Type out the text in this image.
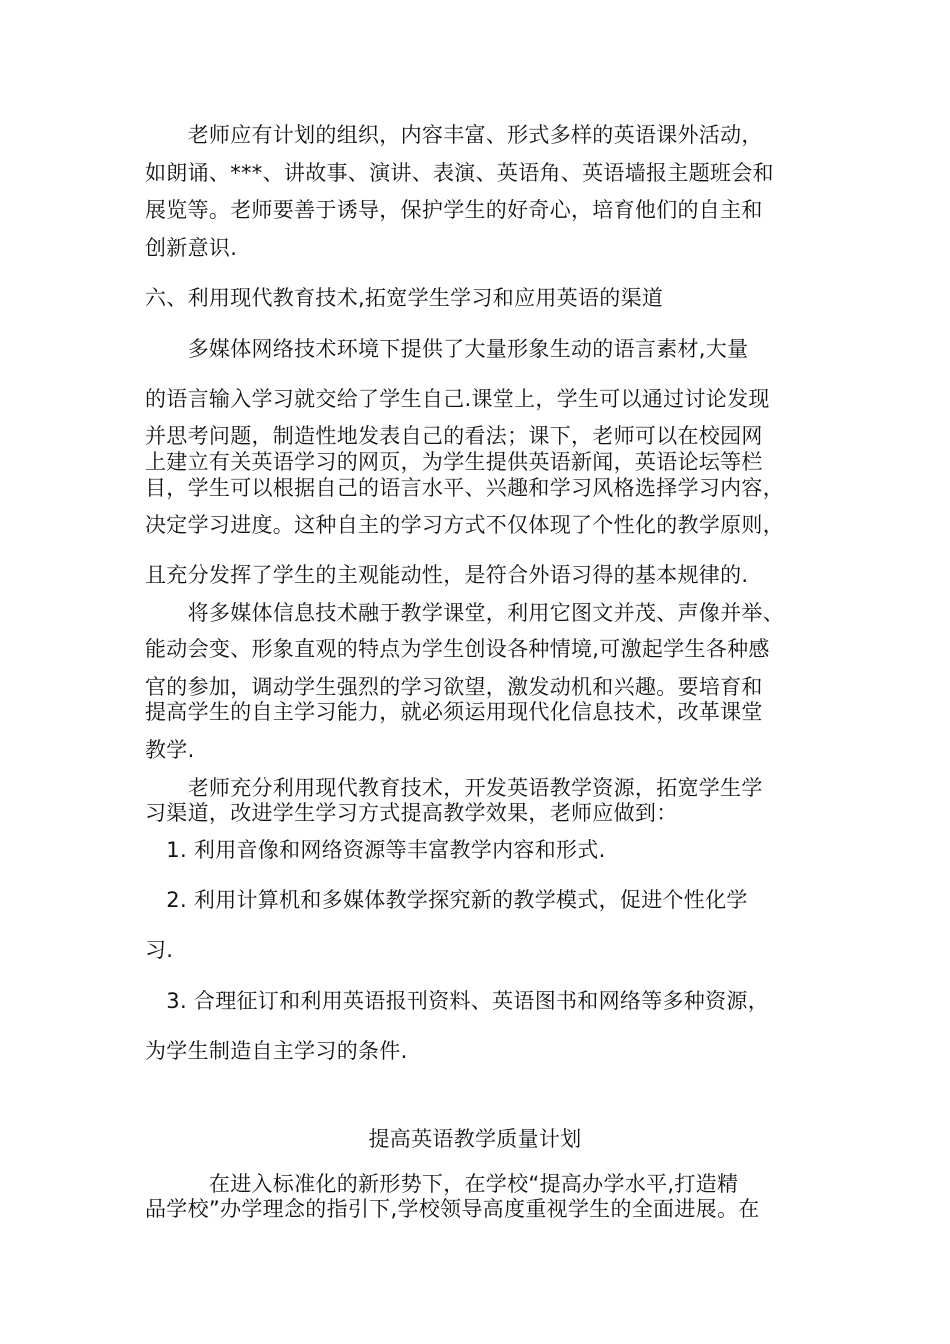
　　老师应有计划的组织，内容丰富、形式多样的英语课外活动，
如朗诵、***、讲故事、演讲、表演、英语角、英语墙报主题班会和
展览等。老师要善于诱导，保护学生的好奇心，培育他们的自主和
创新意识.
六、利用现代教育技术,拓宽学生学习和应用英语的渠道
　　多媒体网络技术环境下提供了大量形象生动的语言素材,大量
的语言输入学习就交给了学生自己.课堂上，学生可以通过讨论发现
并思考问题，制造性地发表自己的看法；课下，老师可以在校园网
上建立有关英语学习的网页，为学生提供英语新闻，英语论坛等栏
目，学生可以根据自己的语言水平、兴趣和学习风格选择学习内容，
决定学习进度。这种自主的学习方式不仅体现了个性化的教学原则，
且充分发挥了学生的主观能动性，是符合外语习得的基本规律的.
　　将多媒体信息技术融于教学课堂，利用它图文并茂、声像并举、
能动会变、形象直观的特点为学生创设各种情境,可激起学生各种感
官的参加，调动学生强烈的学习欲望，激发动机和兴趣。要培育和
提高学生的自主学习能力，就必须运用现代化信息技术，改革课堂
教学.
　　老师充分利用现代教育技术，开发英语教学资源，拓宽学生学
习渠道，改进学生学习方式提高教学效果，老师应做到：
　1. 利用音像和网络资源等丰富教学内容和形式.
　2. 利用计算机和多媒体教学探究新的教学模式，促进个性化学
习.
　3. 合理征订和利用英语报刊资料、英语图书和网络等多种资源，
为学生制造自主学习的条件.
提高英语教学质量计划
　　　在进入标准化的新形势下，在学校“提高办学水平,打造精
品学校”办学理念的指引下,学校领导高度重视学生的全面进展。在
